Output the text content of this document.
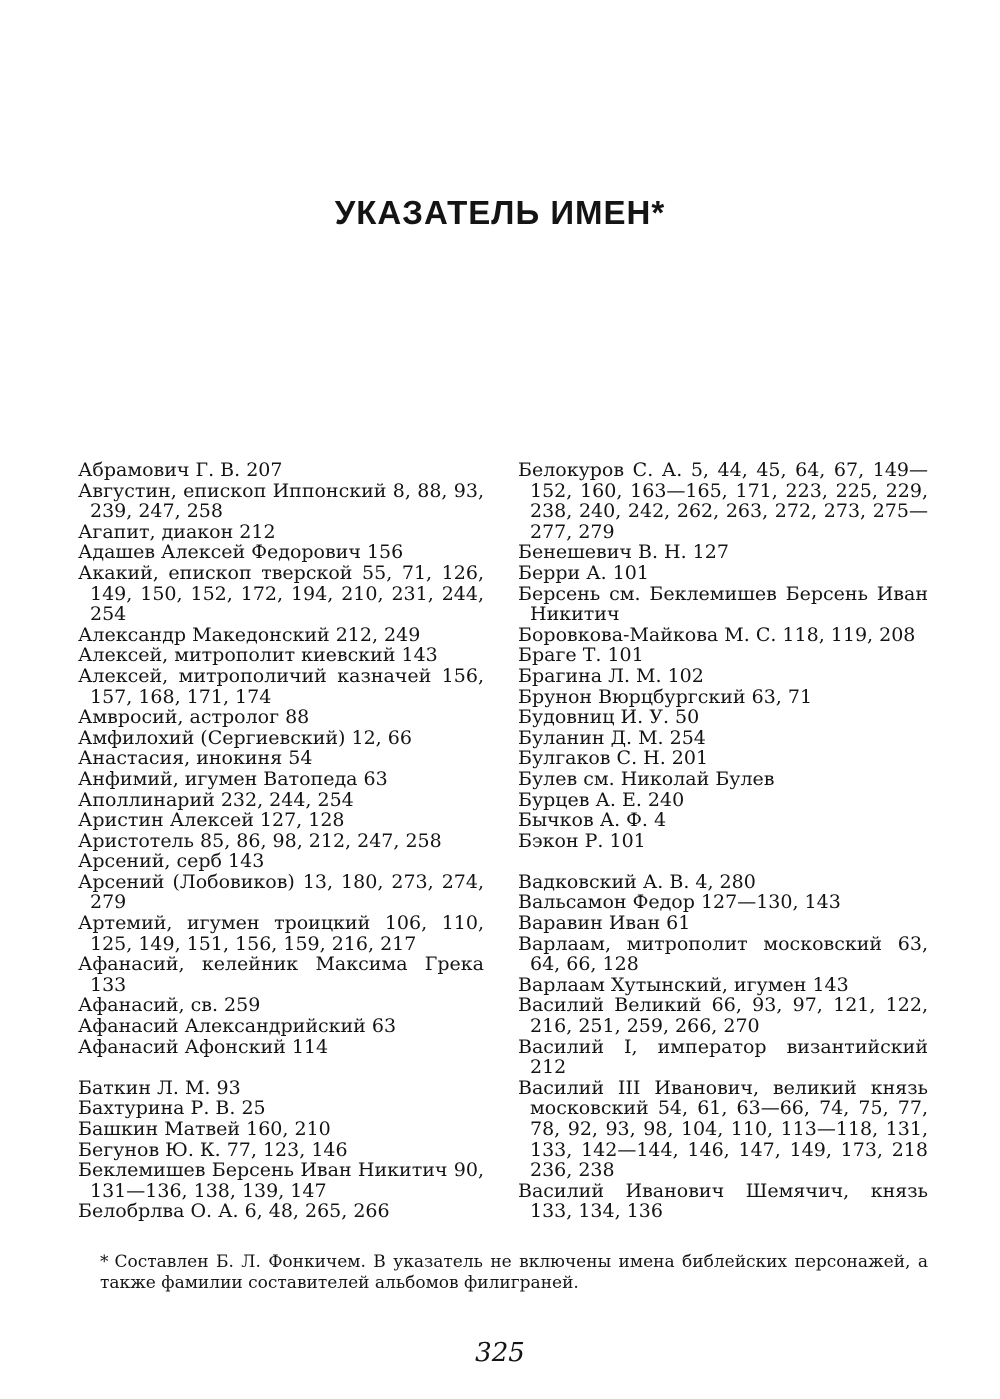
УКАЗАТЕЛЬ ИМЕН*

Абрамович Г. В. 207

Августин, епископ Иппонский 8, 88, 93, 239, 247, 258

Агапит, диакон 212

Адашев Алексей Федорович 156

Акакий, епископ тверской 55, 71, 126, 149, 150, 152, 172, 194, 210, 231, 244, 254

Александр Македонский 212, 249

Алексей, митрополит киевский 143

Алексей, митрополичий казначей 156, 157, 168, 171, 174

Амвросий, астролог 88

Амфилохий (Сергиевский) 12, 66

Анастасия, инокиня 54

Анфимий, игумен Ватопеда 63

Аполлинарий 232, 244, 254

Аристин Алексей 127, 128

Аристотель 85, 86, 98, 212, 247, 258

Арсений, серб 143

Арсений (Лобовиков) 13, 180, 273, 274, 279

Артемий, игумен троицкий 106, 110, 125, 149, 151, 156, 159, 216, 217

Афанасий, келейник Максима Грека 133

Афанасий, св. 259

Афанасий Александрийский 63

Афанасий Афонский 114

Баткин Л. М. 93

Бахтурина Р. В. 25

Башкин Матвей 160, 210

Бегунов Ю. К. 77, 123, 146

Беклемишев Берсень Иван Никитич 90, 131—136, 138, 139, 147

Белобрлва О. А. 6, 48, 265, 266

Белокуров С. А. 5, 44, 45, 64, 67, 149—152, 160, 163—165, 171, 223, 225, 229, 238, 240, 242, 262, 263, 272, 273, 275—277, 279

Бенешевич В. Н. 127

Берри А. 101

Берсень см. Беклемишев Берсень Иван Никитич

Боровкова-Майкова М. С. 118, 119, 208

Браге Т. 101

Брагина Л. М. 102

Брунон Вюрцбургский 63, 71

Будовниц И. У. 50

Буланин Д. М. 254

Булгаков С. Н. 201

Булев см. Николай Булев

Бурцев А. Е. 240

Бычков А. Ф. 4

Бэкон Р. 101

Вадковский А. В. 4, 280

Вальсамон Федор 127—130, 143

Варавин Иван 61

Варлаам, митрополит московский 63, 64, 66, 128

Варлаам Хутынский, игумен 143

Василий Великий 66, 93, 97, 121, 122, 216, 251, 259, 266, 270

Василий I, император византийский 212

Василий III Иванович, великий князь московский 54, 61, 63—66, 74, 75, 77, 78, 92, 93, 98, 104, 110, 113—118, 131, 133, 142—144, 146, 147, 149, 173, 218 236, 238

Василий Иванович Шемячич, князь 133, 134, 136

* Составлен Б. Л. Фонкичем. В указатель не включены имена библейских персонажей, а также фамилии составителей альбомов филиграней.

325
